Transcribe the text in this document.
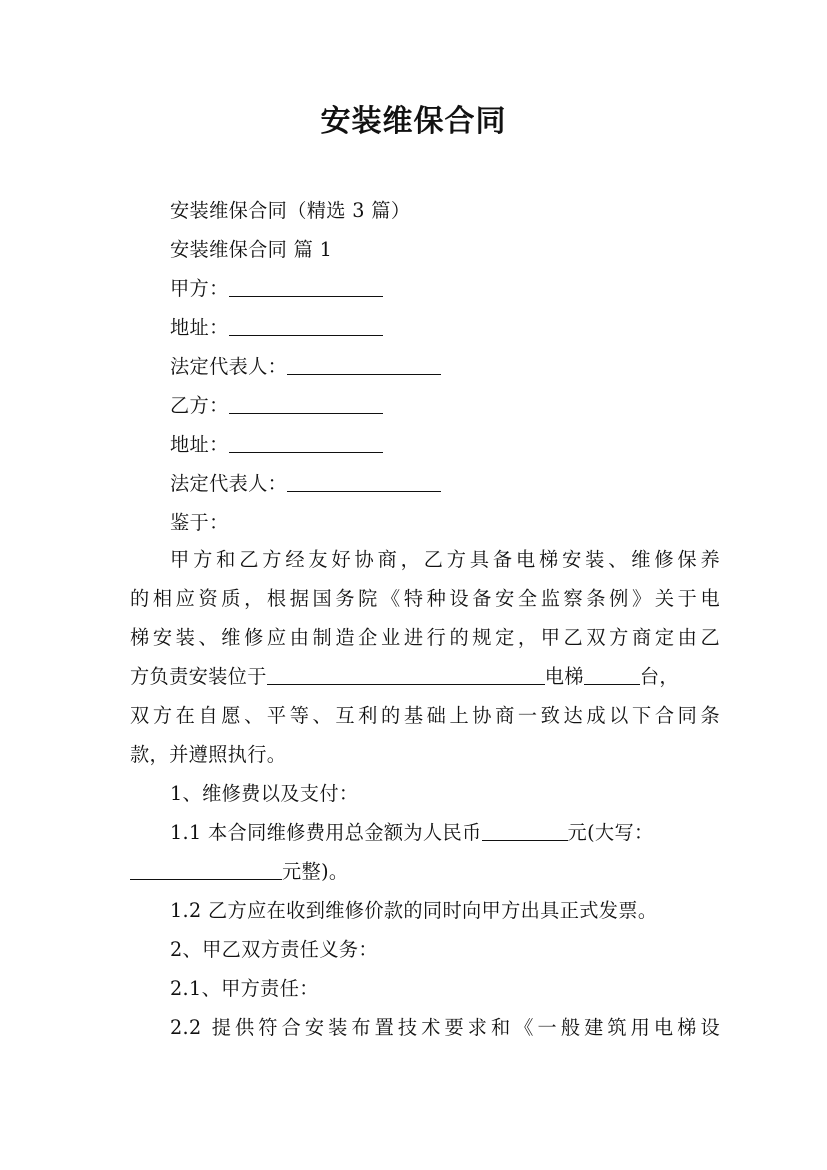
安装维保合同
安装维保合同（精选 3 篇）
安装维保合同 篇 1
甲方：
地址：
法定代表人：
乙方：
地址：
法定代表人：
鉴于：
甲方和乙方经友好协商，乙方具备电梯安装、维修保养
的相应资质，根据国务院《特种设备安全监察条例》关于电
梯安装、维修应由制造企业进行的规定，甲乙双方商定由乙
方负责安装位于	电梯	台，
双方在自愿、平等、互利的基础上协商一致达成以下合同条
款，并遵照执行。
1、维修费以及支付：
1.1 本合同维修费用总金额为人民币	元(大写：
元整)。
1.2 乙方应在收到维修价款的同时向甲方出具正式发票。
2、甲乙双方责任义务：
2.1、甲方责任：
2.2 提供符合安装布置技术要求和《一般建筑用电梯设
